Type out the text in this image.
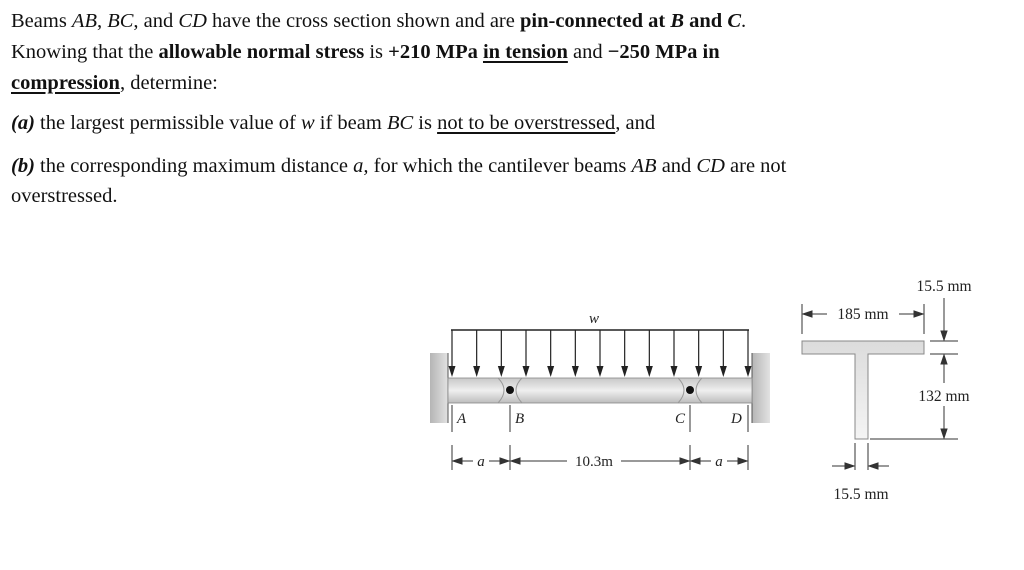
Beams AB, BC, and CD have the cross section shown and are pin-connected at B and C.

Knowing that the allowable normal stress is +210 MPa in tension and −250 MPa in

compression, determine:

(a) the largest permissible value of w if beam BC is not to be overstressed, and

(b) the corresponding maximum distance a, for which the cantilever beams AB and CD are not
overstressed.

w
A	B	C	D
a	10.3m	a
15.5 mm
185 mm
132 mm
15.5 mm
